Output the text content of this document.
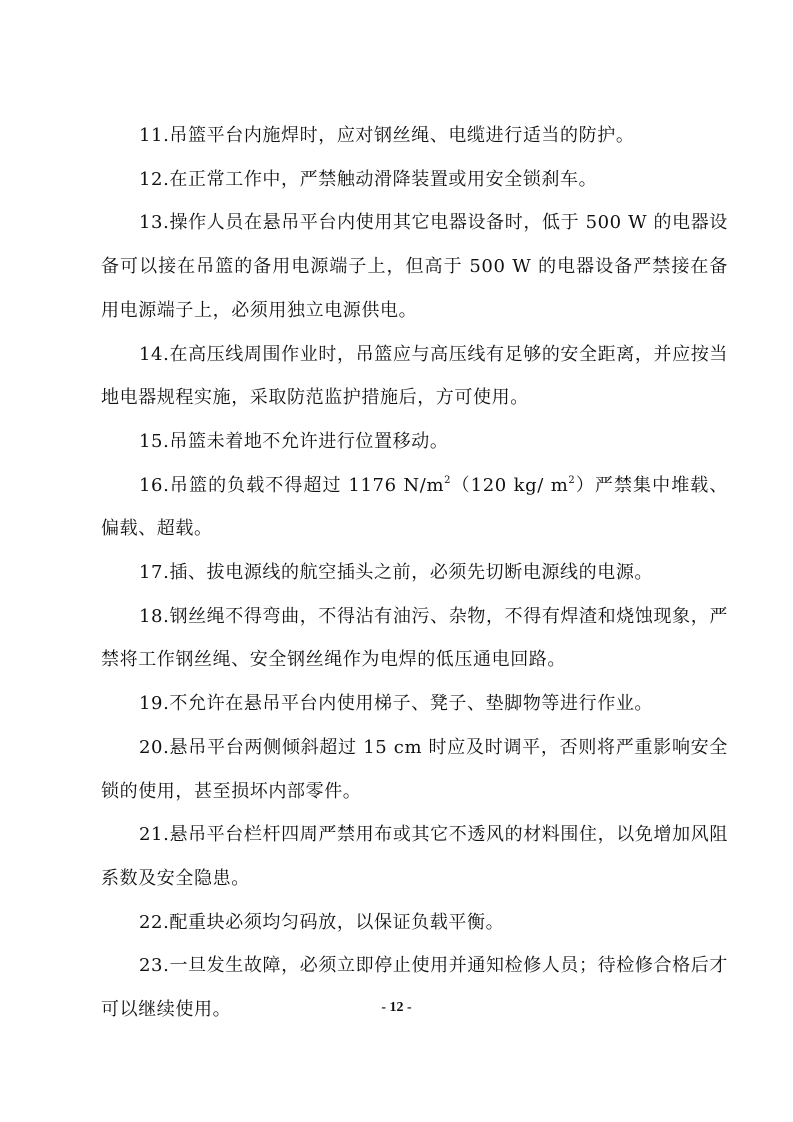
11.吊篮平台内施焊时，应对钢丝绳、电缆进行适当的防护。

12.在正常工作中，严禁触动滑降装置或用安全锁刹车。

13.操作人员在悬吊平台内使用其它电器设备时，低于 500 W 的电器设备可以接在吊篮的备用电源端子上，但高于 500 W 的电器设备严禁接在备用电源端子上，必须用独立电源供电。

14.在高压线周围作业时，吊篮应与高压线有足够的安全距离，并应按当地电器规程实施，采取防范监护措施后，方可使用。

15.吊篮未着地不允许进行位置移动。

16.吊篮的负载不得超过 1176 $N/m^2(120$ kg/ $m^2$）严禁集中堆载、偏载、超载。

17.插、拔电源线的航空插头之前，必须先切断电源线的电源。

18.钢丝绳不得弯曲，不得沾有油污、杂物，不得有焊渣和烧蚀现象，严禁将工作钢丝绳、安全钢丝绳作为电焊的低压通电回路。

19.不允许在悬吊平台内使用梯子、凳子、垫脚物等进行作业。

20.悬吊平台两侧倾斜超过 15 cm 时应及时调平，否则将严重影响安全锁的使用，甚至损坏内部零件。

21.悬吊平台栏杆四周严禁用布或其它不透风的材料围住，以免增加风阻系数及安全隐患。

22.配重块必须均匀码放，以保证负载平衡。

23.一旦发生故障，必须立即停止使用并通知检修人员；待检修合格后才可以继续使用。	- 12 -
